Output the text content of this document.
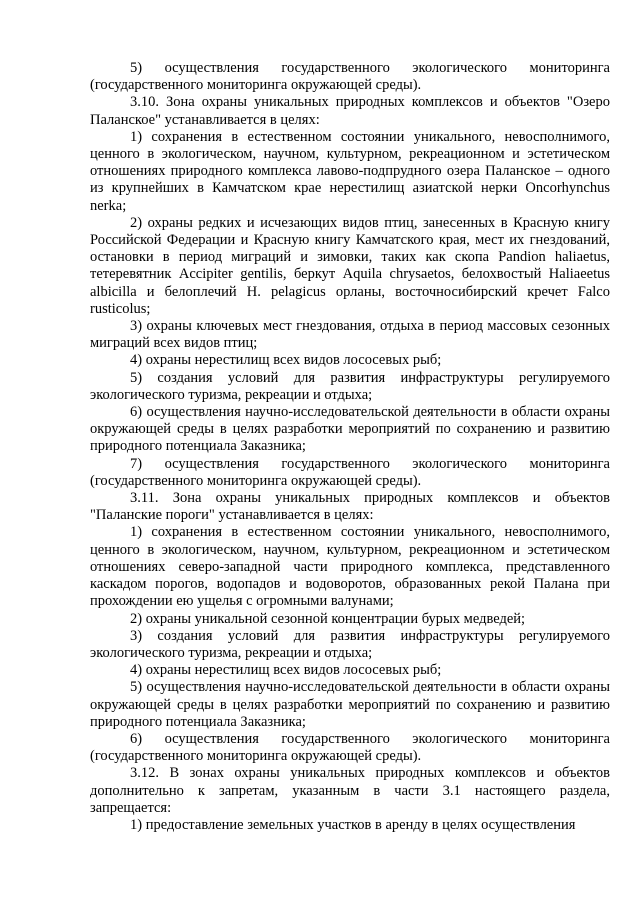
5) осуществления государственного экологического мониторинга (государственного мониторинга окружающей среды).

3.10. Зона охраны уникальных природных комплексов и объектов "Озеро Паланское" устанавливается в целях:

1) сохранения в естественном состоянии уникального, невосполнимого, ценного в экологическом, научном, культурном, рекреационном и эстетическом отношениях природного комплекса лавово-подпрудного озера Паланское – одного из крупнейших в Камчатском крае нерестилищ азиатской нерки Oncorhynchus nerka;

2) охраны редких и исчезающих видов птиц, занесенных в Красную книгу Российской Федерации и Красную книгу Камчатского края, мест их гнездований, остановки в период миграций и зимовки, таких как скопа Pandion haliaetus, тетеревятник Accipiter gentilis, беркут Aquila chrysaetos, белохвостый Haliaeetus albicilla и белоплечий H. pelagicus орланы, восточносибирский кречет Falco rusticolus;

3) охраны ключевых мест гнездования, отдыха в период массовых сезонных миграций всех видов птиц;

4) охраны нерестилищ всех видов лососевых рыб;

5) создания условий для развития инфраструктуры регулируемого экологического туризма, рекреации и отдыха;

6) осуществления научно-исследовательской деятельности в области охраны окружающей среды в целях разработки мероприятий по сохранению и развитию природного потенциала Заказника;

7) осуществления государственного экологического мониторинга (государственного мониторинга окружающей среды).

3.11. Зона охраны уникальных природных комплексов и объектов "Паланские пороги" устанавливается в целях:

1) сохранения в естественном состоянии уникального, невосполнимого, ценного в экологическом, научном, культурном, рекреационном и эстетическом отношениях северо-западной части природного комплекса, представленного каскадом порогов, водопадов и водоворотов, образованных рекой Палана при прохождении ею ущелья с огромными валунами;

2) охраны уникальной сезонной концентрации бурых медведей;

3) создания условий для развития инфраструктуры регулируемого экологического туризма, рекреации и отдыха;

4) охраны нерестилищ всех видов лососевых рыб;

5) осуществления научно-исследовательской деятельности в области охраны окружающей среды в целях разработки мероприятий по сохранению и развитию природного потенциала Заказника;

6) осуществления государственного экологического мониторинга (государственного мониторинга окружающей среды).

3.12. В зонах охраны уникальных природных комплексов и объектов дополнительно к запретам, указанным в части 3.1 настоящего раздела, запрещается:

1) предоставление земельных участков в аренду в целях осуществления
